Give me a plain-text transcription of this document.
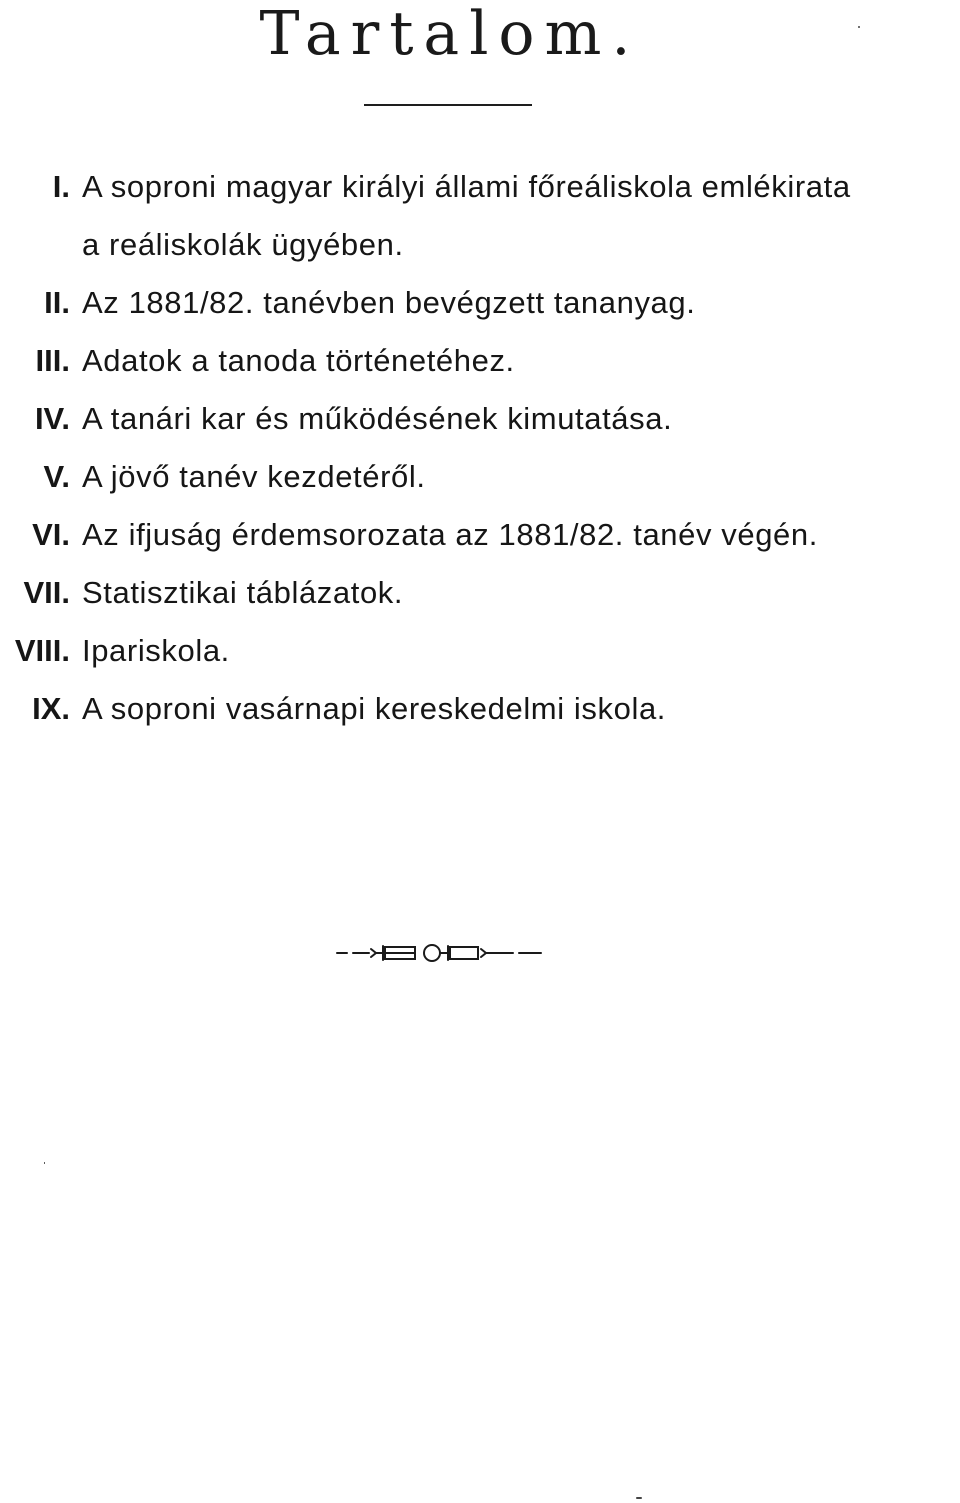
Tartalom.
I. A soproni magyar királyi állami főreáliskola emlékirata
a reáliskolák ügyében.
II. Az 1881/82. tanévben bevégzett tananyag.
III. Adatok a tanoda történetéhez.
IV. A tanári kar és működésének kimutatása.
V. A jövő tanév kezdetéről.
VI. Az ifjuság érdemsorozata az 1881/82. tanév végén.
VII. Statisztikai táblázatok.
VIII. Ipariskola.
IX. A soproni vasárnapi kereskedelmi iskola.
